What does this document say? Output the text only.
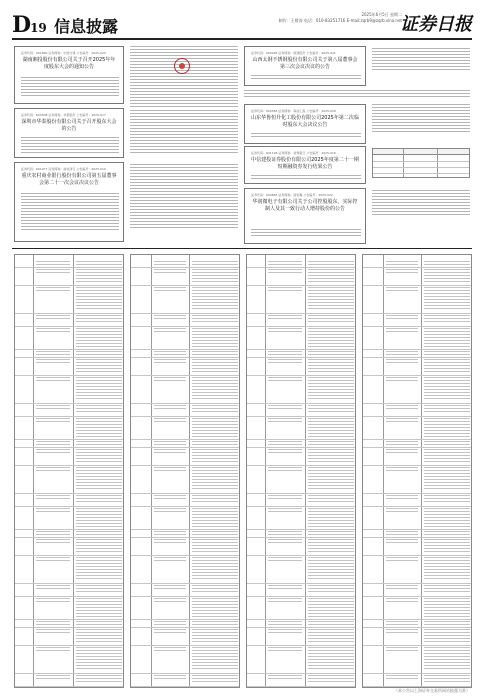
D19 信息披露
2025年6月5日 星期二
制作：王敬涛 电话：010-83251716 E-mail:zqrb9@zqrb.sina.net
证券日报
证券代码：601800 证券简称：中国交建 公告编号：2025-020
湖南湘投股份有限公司关于召开2025年年度股东大会的通知公告
证券代码：600308 证券简称：华泰股份 公告编号：2025-017
深圳市华泰股份有限公司关于召开股东大会的公告
证券代码：601077 证券简称：渝农商行 公告编号：2025-019
重庆农村商业银行股份有限公司第五届董事会第二十一次会议决议公告
证券代码：600248 证券简称：陕建股份 公告编号：2025-021
山西太钢不锈钢股份有限公司关于第八届董事会第三次会议决议的公告
证券代码：600583 证券简称：海油工程 公告编号：2025-018
山东华鲁恒升化工股份有限公司2025年第二次临时股东大会决议公告
证券代码：601128 证券简称：常熟银行 公告编号：2025-016
中信建投证券股份有限公司2025年度第二十一期短期融资券发行结果公告
证券代码：600663 证券简称：陆家嘴 公告编号：2025-022
华润微电子有限公司关于公司控股股东、实际控制人及其一致行动人增持股份的公告
（本公告以上海证券交易所网站披露为准）
